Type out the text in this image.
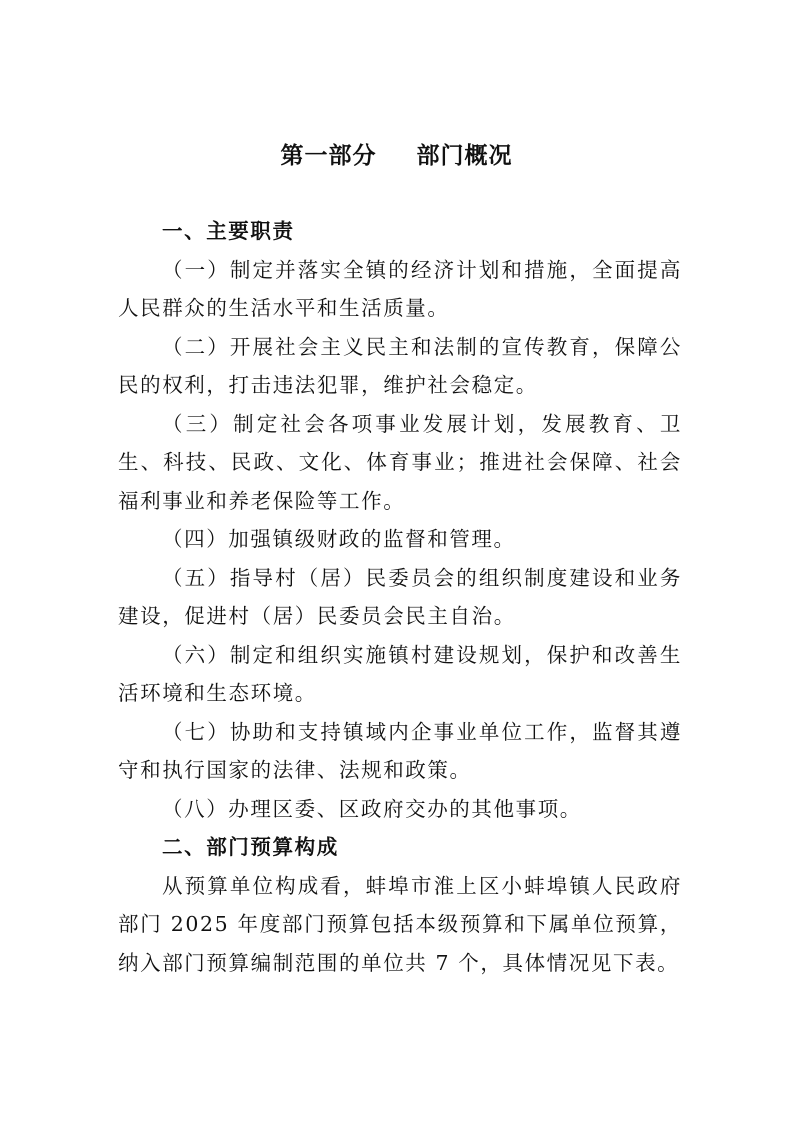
第一部分 部门概况
一、主要职责

（一）制定并落实全镇的经济计划和措施，全面提高人民群众的生活水平和生活质量。

（二）开展社会主义民主和法制的宣传教育，保障公民的权利，打击违法犯罪，维护社会稳定。

（三）制定社会各项事业发展计划，发展教育、卫生、科技、民政、文化、体育事业；推进社会保障、社会福利事业和养老保险等工作。

（四）加强镇级财政的监督和管理。

（五）指导村（居）民委员会的组织制度建设和业务建设，促进村（居）民委员会民主自治。

（六）制定和组织实施镇村建设规划，保护和改善生活环境和生态环境。

（七）协助和支持镇域内企事业单位工作，监督其遵守和执行国家的法律、法规和政策。

（八）办理区委、区政府交办的其他事项。

二、部门预算构成

从预算单位构成看，蚌埠市淮上区小蚌埠镇人民政府部门 2025 年度部门预算包括本级预算和下属单位预算，纳入部门预算编制范围的单位共 7 个，具体情况见下表。
